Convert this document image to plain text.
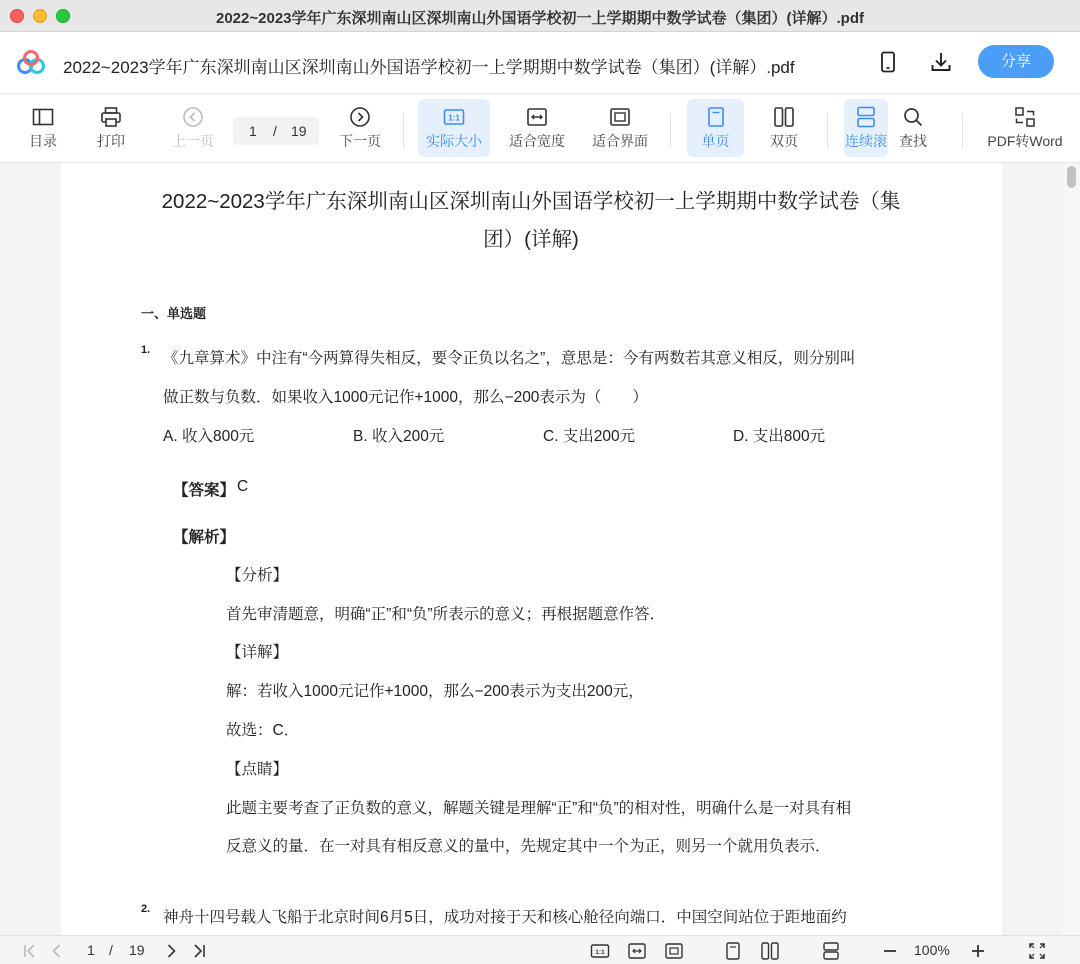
2022~2023学年广东深圳南山区深圳南山外国语学校初一上学期期中数学试卷（集团）(详解）.pdf
2022~2023学年广东深圳南山区深圳南山外国语学校初一上学期期中数学试卷（集团）(详解）.pdf	分享
目录	打印	上一页
1 / 19
下一页
1:1
实际大小	适合宽度 适合界面	单页	双页	连续滚 查找	PDF转Word
2022~2023学年广东深圳南山区深圳南山外国语学校初一上学期期中数学试卷（集
团）(详解)
一、单选题
1. 《九章算术》中注有“今两算得失相反，要令正负以名之”，意思是：今有两数若其意义相反，则分别叫
做正数与负数．如果收入1000元记作+1000，那么−200表示为（　　）
A. 收入800元	B. 收入200元	C. 支出200元	D. 支出800元
【答案】 C
【解析】
【分析】
首先审清题意，明确“正”和“负”所表示的意义；再根据题意作答．
【详解】
解：若收入1000元记作+1000，那么−200表示为支出200元，
故选：C．
【点睛】
此题主要考查了正负数的意义，解题关键是理解“正”和“负”的相对性，明确什么是一对具有相
反意义的量．在一对具有相反意义的量中，先规定其中一个为正，则另一个就用负表示．
2. 神舟十四号载人飞船于北京时间6月5日，成功对接于天和核心舱径向端口．中国空间站位于距地面约
1 / 19	1:1	100%
